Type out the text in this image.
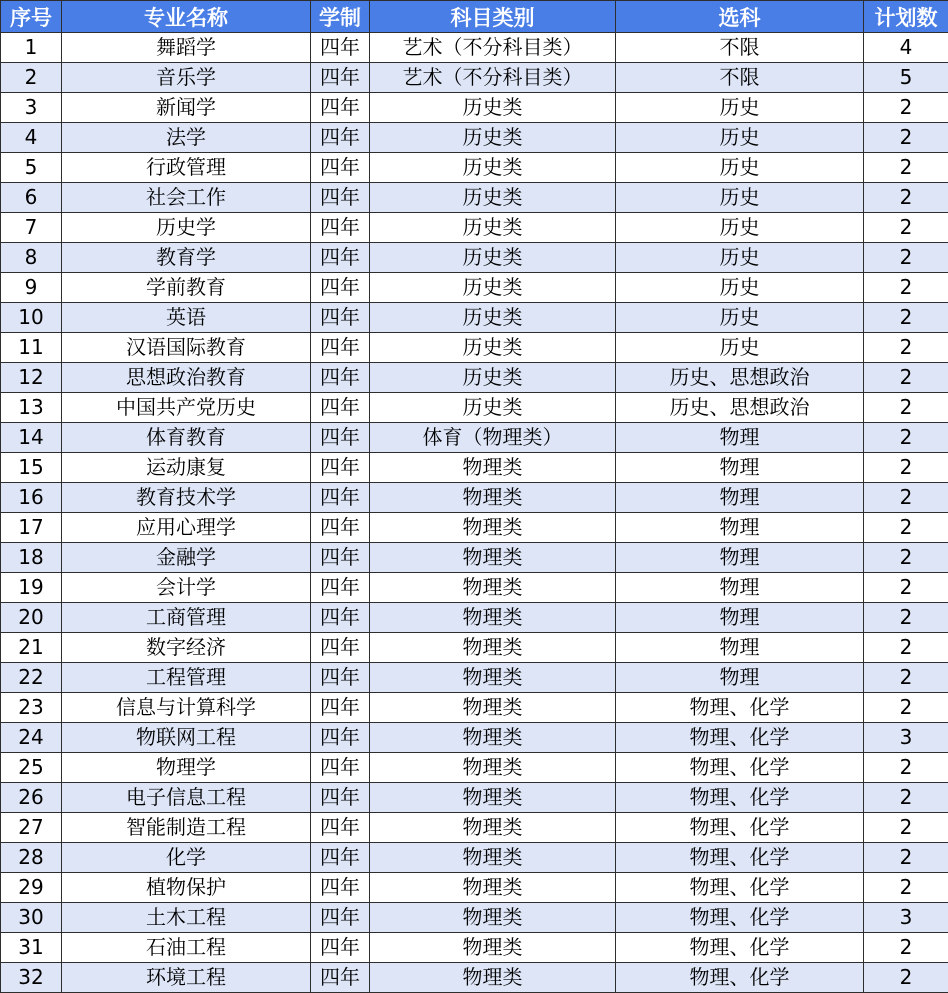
序号	专业名称	学制	科目类别	选科	计划数
1	舞蹈学	四年	艺术（不分科目类）	不限	4
2	音乐学	四年	艺术（不分科目类）	不限	5
3	新闻学	四年	历史类	历史	2
4	法学	四年	历史类	历史	2
5	行政管理	四年	历史类	历史	2
6	社会工作	四年	历史类	历史	2
7	历史学	四年	历史类	历史	2
8	教育学	四年	历史类	历史	2
9	学前教育	四年	历史类	历史	2
10	英语	四年	历史类	历史	2
11	汉语国际教育	四年	历史类	历史	2
12	思想政治教育	四年	历史类	历史、思想政治	2
13	中国共产党历史	四年	历史类	历史、思想政治	2
14	体育教育	四年	体育（物理类）	物理	2
15	运动康复	四年	物理类	物理	2
16	教育技术学	四年	物理类	物理	2
17	应用心理学	四年	物理类	物理	2
18	金融学	四年	物理类	物理	2
19	会计学	四年	物理类	物理	2
20	工商管理	四年	物理类	物理	2
21	数字经济	四年	物理类	物理	2
22	工程管理	四年	物理类	物理	2
23	信息与计算科学	四年	物理类	物理、化学	2
24	物联网工程	四年	物理类	物理、化学	3
25	物理学	四年	物理类	物理、化学	2
26	电子信息工程	四年	物理类	物理、化学	2
27	智能制造工程	四年	物理类	物理、化学	2
28	化学	四年	物理类	物理、化学	2
29	植物保护	四年	物理类	物理、化学	2
30	土木工程	四年	物理类	物理、化学	3
31	石油工程	四年	物理类	物理、化学	2
32	环境工程	四年	物理类	物理、化学	2
